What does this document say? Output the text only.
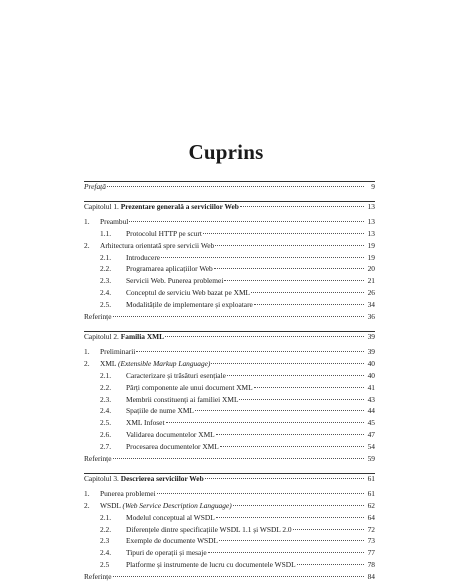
Cuprins
Prefață	9
Capitolul 1. Prezentare generală a serviciilor Web	13
1.	Preambul	13
1.1.	Protocolul HTTP pe scurt	13
2.	Arhitectura orientată spre servicii Web	19
2.1.	Introducere	19
2.2.	Programarea aplicațiilor Web	20
2.3.	Servicii Web. Punerea problemei	21
2.4.	Conceptul de serviciu Web bazat pe XML	26
2.5.	Modalitățile de implementare și exploatare	34
Referințe	36
Capitolul 2. Familia XML	39
1.	Preliminarii	39
2.	XML (Extensible Markup Language)	40
2.1.	Caracterizare și trăsături esențiale	40
2.2.	Părți componente ale unui document XML	41
2.3.	Membrii constituenți ai familiei XML	43
2.4.	Spațiile de nume XML	44
2.5.	XML Infoset	45
2.6.	Validarea documentelor XML	47
2.7.	Procesarea documentelor XML	54
Referințe	59
Capitolul 3. Descrierea serviciilor Web	61
1.	Punerea problemei	61
2.	WSDL (Web Service Description Language)	62
2.1.	Modelul conceptual al WSDL	64
2.2.	Diferențele dintre specificațiile WSDL 1.1 și WSDL 2.0	72
2.3	Exemple de documente WSDL	73
2.4.	Tipuri de operații și mesaje	77
2.5	Platforme și instrumente de lucru cu documentele WSDL	78
Referințe	84
